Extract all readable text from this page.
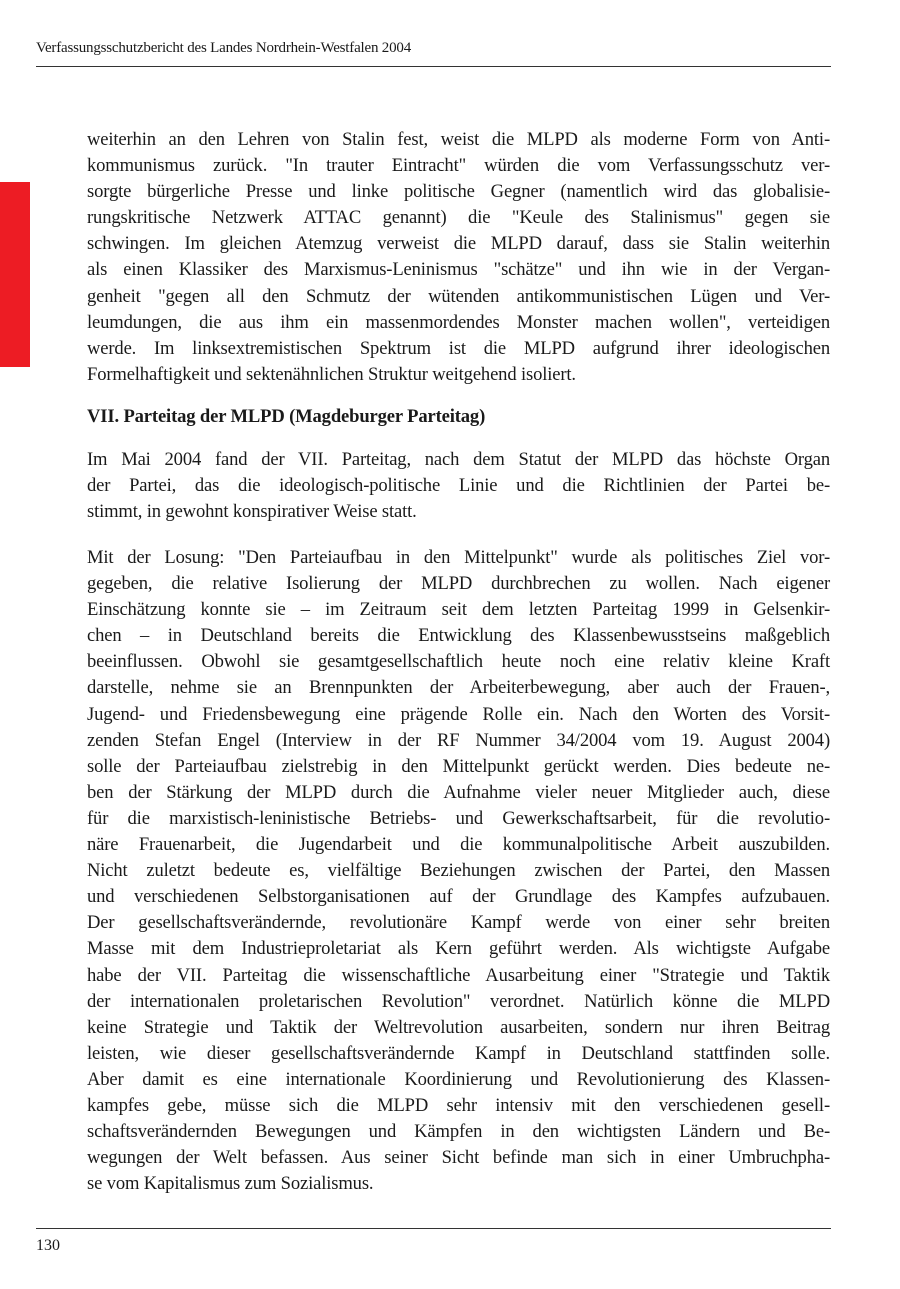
Verfassungsschutzbericht des Landes Nordrhein-Westfalen 2004
weiterhin an den Lehren von Stalin fest, weist die MLPD als moderne Form von Anti-
kommunismus zurück. "In trauter Eintracht" würden die vom Verfassungsschutz ver-
sorgte bürgerliche Presse und linke politische Gegner (namentlich wird das globalisie-
rungskritische Netzwerk ATTAC genannt) die "Keule des Stalinismus" gegen sie
schwingen. Im gleichen Atemzug verweist die MLPD darauf, dass sie Stalin weiterhin
als einen Klassiker des Marxismus-Leninismus "schätze" und ihn wie in der Vergan-
genheit "gegen all den Schmutz der wütenden antikommunistischen Lügen und Ver-
leumdungen, die aus ihm ein massenmordendes Monster machen wollen", verteidigen
werde. Im linksextremistischen Spektrum ist die MLPD aufgrund ihrer ideologischen
Formelhaftigkeit und sektenähnlichen Struktur weitgehend isoliert.
VII. Parteitag der MLPD (Magdeburger Parteitag)
Im Mai 2004 fand der VII. Parteitag, nach dem Statut der MLPD das höchste Organ
der Partei, das die ideologisch-politische Linie und die Richtlinien der Partei be-
stimmt, in gewohnt konspirativer Weise statt.
Mit der Losung: "Den Parteiaufbau in den Mittelpunkt" wurde als politisches Ziel vor-
gegeben, die relative Isolierung der MLPD durchbrechen zu wollen. Nach eigener
Einschätzung konnte sie – im Zeitraum seit dem letzten Parteitag 1999 in Gelsenkir-
chen – in Deutschland bereits die Entwicklung des Klassenbewusstseins maßgeblich
beeinflussen. Obwohl sie gesamtgesellschaftlich heute noch eine relativ kleine Kraft
darstelle, nehme sie an Brennpunkten der Arbeiterbewegung, aber auch der Frauen-,
Jugend- und Friedensbewegung eine prägende Rolle ein. Nach den Worten des Vorsit-
zenden Stefan Engel (Interview in der RF Nummer 34/2004 vom 19. August 2004)
solle der Parteiaufbau zielstrebig in den Mittelpunkt gerückt werden. Dies bedeute ne-
ben der Stärkung der MLPD durch die Aufnahme vieler neuer Mitglieder auch, diese
für die marxistisch-leninistische Betriebs- und Gewerkschaftsarbeit, für die revolutio-
näre Frauenarbeit, die Jugendarbeit und die kommunalpolitische Arbeit auszubilden.
Nicht zuletzt bedeute es, vielfältige Beziehungen zwischen der Partei, den Massen
und verschiedenen Selbstorganisationen auf der Grundlage des Kampfes aufzubauen.
Der gesellschaftsverändernde, revolutionäre Kampf werde von einer sehr breiten
Masse mit dem Industrieproletariat als Kern geführt werden. Als wichtigste Aufgabe
habe der VII. Parteitag die wissenschaftliche Ausarbeitung einer "Strategie und Taktik
der internationalen proletarischen Revolution" verordnet. Natürlich könne die MLPD
keine Strategie und Taktik der Weltrevolution ausarbeiten, sondern nur ihren Beitrag
leisten, wie dieser gesellschaftsverändernde Kampf in Deutschland stattfinden solle.
Aber damit es eine internationale Koordinierung und Revolutionierung des Klassen-
kampfes gebe, müsse sich die MLPD sehr intensiv mit den verschiedenen gesell-
schaftsverändernden Bewegungen und Kämpfen in den wichtigsten Ländern und Be-
wegungen der Welt befassen. Aus seiner Sicht befinde man sich in einer Umbruchpha-
se vom Kapitalismus zum Sozialismus.
130
